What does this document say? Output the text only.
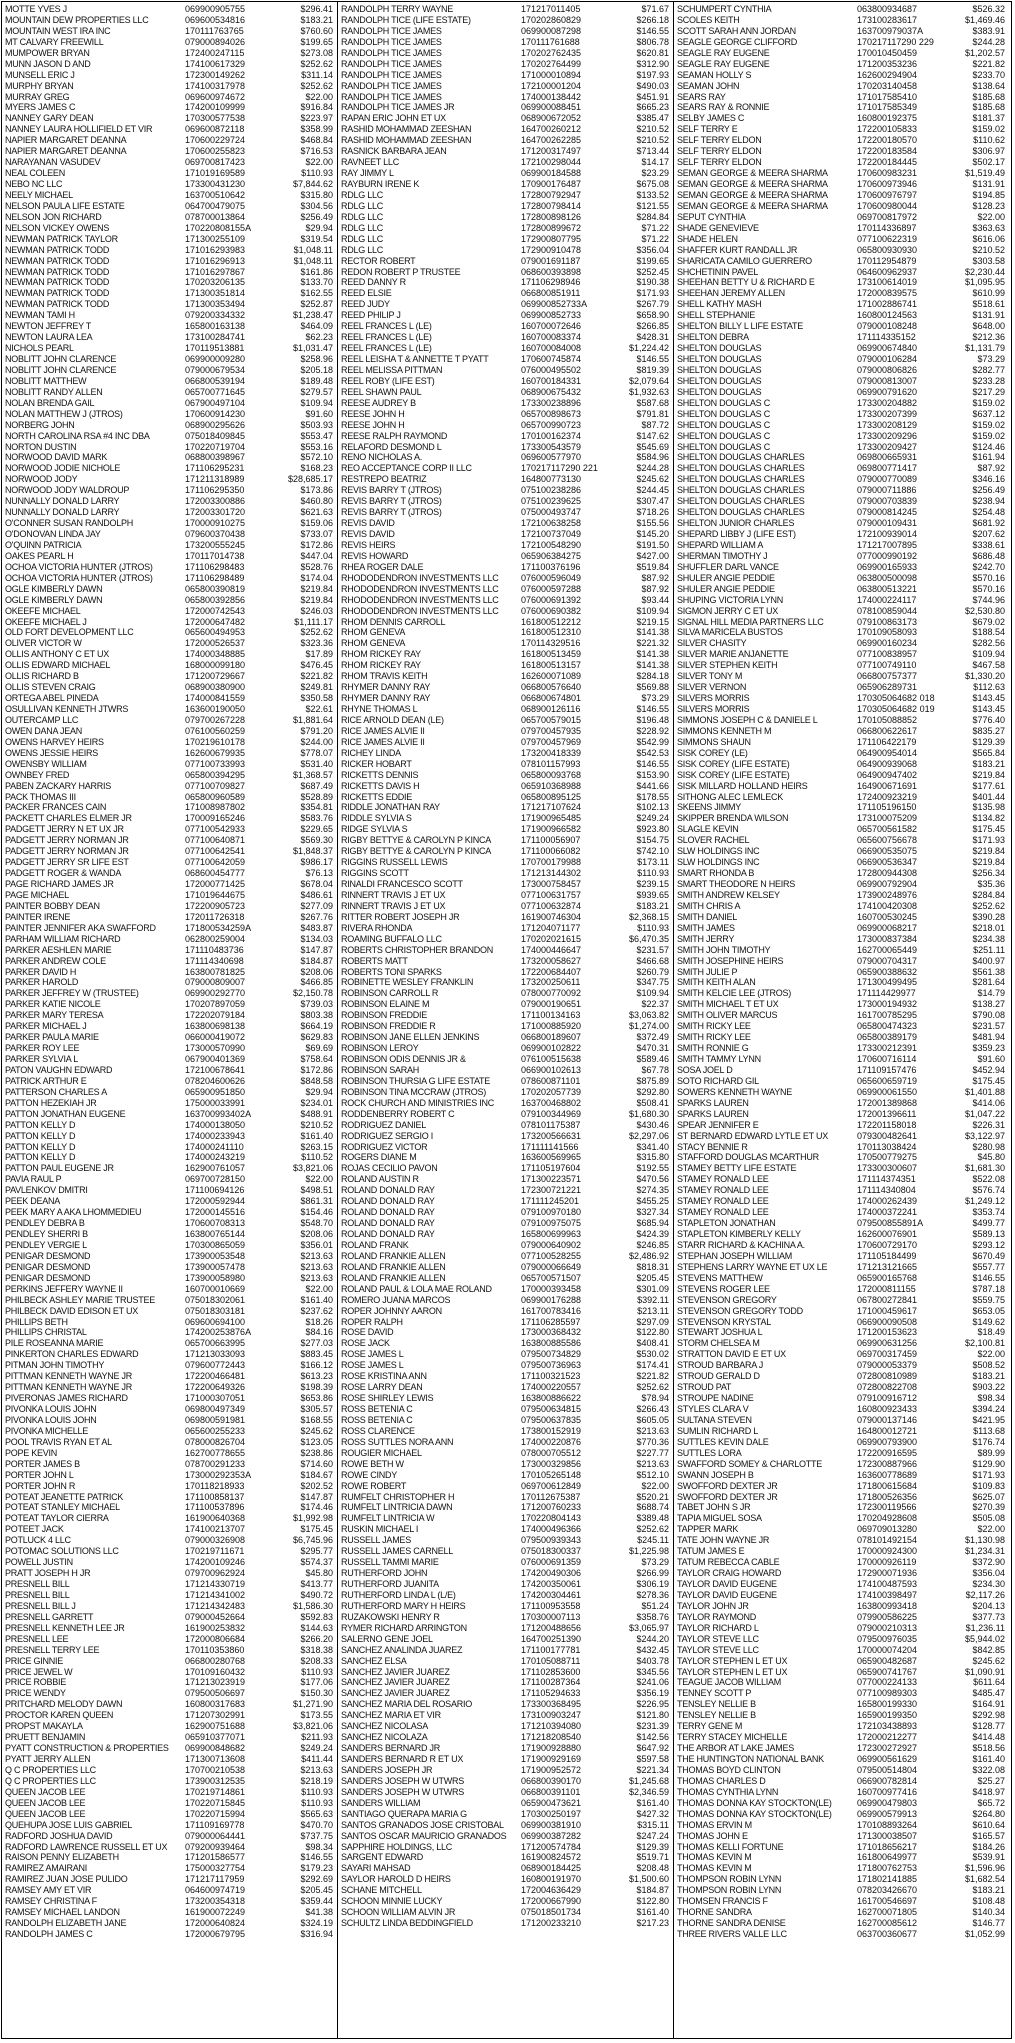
MOTTE YVES J	069900905755	$296.41
MOUNTAIN DEW PROPERTIES LLC	069600534816	$183.21
MOUNTAIN WEST IRA INC	170111763765	$760.60
MT CALVARY FREEWILL	079000894026	$199.65
MUMPOWER BRYAN	172400247115	$273.08
MUNN JASON D AND	174100617329	$252.62
MUNSELL ERIC J	172300149262	$311.14
MURPHY BRYAN	174100317978	$252.62
MURRAY GREG	069600974672	$22.00
MYERS JAMES C	174200109999	$916.84
NANNEY GARY DEAN	170300577538	$223.97
NANNEY LAURA HOLLIFIELD ET VIR	069600872118	$358.99
NAPIER MARGARET DEANNA	170600229724	$468.84
NAPIER MARGARET DEANNA	170600255823	$716.53
NARAYANAN VASUDEV	069700817423	$22.00
NEAL COLEEN	171019169589	$110.93
NEBO NC LLC	173300431230	$7,844.62
NEELY MICHAEL	163700510642	$315.80
NELSON PAULA LIFE ESTATE	064700479075	$304.56
NELSON JON RICHARD	078700013864	$256.49
NELSON VICKEY OWENS	170220808155A	$29.94
NEWMAN PATRICK TAYLOR	171300255109	$319.54
NEWMAN PATRICK TODD	171016293983	$1,048.11
NEWMAN PATRICK TODD	171016296913	$1,048.11
NEWMAN PATRICK TODD	171016297867	$161.86
NEWMAN PATRICK TODD	170203206135	$133.70
NEWMAN PATRICK TODD	171300351814	$162.55
NEWMAN PATRICK TODD	171300353494	$252.87
NEWMAN TAMI H	079200334332	$1,238.47
NEWTON JEFFREY T	165800163138	$464.09
NEWTON LAURA LEA	173100284741	$62.23
NICHOLS PEARL	170119513881	$1,031.47
NOBLITT JOHN CLARENCE	069900009280	$258.96
NOBLITT JOHN CLARENCE	079000679534	$205.18
NOBLITT MATTHEW	066800539194	$189.48
NOBLITT RANDY ALLEN	065700771645	$279.57
NOLAN BRENDA GAIL	067900497104	$109.94
NOLAN MATTHEW J (JTROS)	170600914230	$91.60
NORBERG JOHN	068900295626	$503.93
NORTH CAROLINA RSA #4 INC DBA	075018409845	$553.47
NORTON DUSTIN	170220719704	$553.16
NORWOOD DAVID MARK	068800398967	$572.10
NORWOOD JODIE NICHOLE	171106295231	$168.23
NORWOOD JODY	171211318989	$28,685.17
NORWOOD JODY WALDROUP	171106295350	$173.86
NUNNALLY DONALD LARRY	172003300886	$460.80
NUNNALLY DONALD LARRY	172003301720	$621.63
O'CONNER SUSAN RANDOLPH	170000910275	$159.06
O'DONOVAN LINDA JAY	079600370438	$733.07
O'QUINN PATRICIA	173200555245	$172.86
OAKES PEARL H	170117014738	$447.04
OCHOA VICTORIA HUNTER (JTROS)	171106298483	$528.76
OCHOA VICTORIA HUNTER (JTROS)	171106298489	$174.04
OGLE KIMBERLY DAWN	065800390819	$219.84
OGLE KIMBERLY DAWN	065800392856	$219.84
OKEEFE MICHAEL	172000742543	$246.03
OKEEFE MICHAEL J	172000647482	$1,111.17
OLD FORT DEVELOPMENT LLC	065600494953	$252.62
OLIVER VICTOR W	172000526537	$323.36
OLLIS ANTHONY C ET UX	174000348885	$17.89
OLLIS EDWARD MICHAEL	168000099180	$476.45
OLLIS RICHARD B	171200729667	$221.82
OLLIS STEVEN CRAIG	068900380900	$249.81
ORTEGA ABEL PINEDA	174000841559	$350.58
OSULLIVAN KENNETH JTWRS	163600190050	$22.61
OUTERCAMP LLC	079700267228	$1,881.64
OWEN DANA JEAN	076100560259	$791.20
OWENS HARVEY HEIRS	170219610178	$244.00
OWENS JESSIE HEIRS	162600679935	$778.07
OWENSBY WILLIAM	077100733993	$531.40
OWNBEY FRED	065800394295	$1,368.57
PABEN ZACKARY HARRIS	077100709827	$687.49
PACK THOMAS III	065800960589	$528.89
PACKER FRANCES CAIN	171008987802	$354.81
PACKETT CHARLES ELMER JR	170009165246	$583.76
PADGETT JERRY N ET UX JR	077100542933	$229.65
PADGETT JERRY NORMAN JR	077100640871	$569.30
PADGETT JERRY NORMAN JR	077100642541	$1,848.37
PADGETT JERRY SR LIFE EST	077100642059	$986.17
PADGETT ROGER & WANDA	068600454777	$76.13
PAGE RICHARD JAMES JR	172000771425	$678.04
PAGE MICHAEL	171019644675	$486.61
PAINTER BOBBY DEAN	172200905723	$277.09
PAINTER IRENE	172011726318	$267.76
PAINTER JENNIFER AKA SWAFFORD	171800534259A	$483.87
PARHAM WILLIAM RICHARD	062800259004	$134.03
PARKER AESHLEN MARIE	171110483736	$147.87
PARKER ANDREW COLE	171114340698	$184.87
PARKER DAVID H	163800781825	$208.06
PARKER HAROLD	079000809007	$466.85
PARKER JEFFREY W (TRUSTEE)	069900292770	$2,150.78
PARKER KATIE NICOLE	170207897059	$739.03
PARKER MARY TERESA	172202079184	$803.38
PARKER MICHAEL J	163800698138	$664.19
PARKER PAULA MARIE	066000419072	$629.83
PARKER ROY LEE	173000570990	$69.69
PARKER SYLVIA L	067900401369	$758.64
PATON VAUGHN EDWARD	172100678641	$172.86
PATRICK ARTHUR E	078204600626	$848.58
PATTERSON CHARLES A	065900951850	$29.94
PATTON HEZEKIAH JR	175000033991	$234.01
PATTON JONATHAN EUGENE	163700993402A	$488.91
PATTON KELLY D	174000138050	$210.52
PATTON KELLY D	174000233943	$161.40
PATTON KELLY D	174000241110	$263.15
PATTON KELLY D	174000243219	$110.52
PATTON PAUL EUGENE JR	162900761057	$3,821.06
PAVIA RAUL P	069700728150	$22.00
PAVLENKOV DMITRI	171100694126	$498.51
PEEK DEANA	172000592944	$861.31
PEEK MARY A AKA LHOMMEDIEU	172000145516	$154.46
PENDLEY DEBRA B	170600708313	$548.70
PENDLEY SHERRI B	163800765144	$208.06
PENDLEY VERGIE L	170300865059	$356.01
PENIGAR DESMOND	173900053548	$213.63
PENIGAR DESMOND	173900057478	$213.63
PENIGAR DESMOND	173900058980	$213.63
PERKINS JEFFERY WAYNE II	160700010669	$22.00
PHILBECK ASHLEY MARIE TRUSTEE	075018302061	$161.40
PHILBECK DAVID EDISON ET UX	075018303181	$237.62
PHILLIPS BETH	069600694100	$18.26
PHILLIPS CHRISTAL	174200253876A	$84.16
PILE ROSEANNA MARIE	065700663995	$277.03
PINKERTON CHARLES EDWARD	171213033093	$883.45
PITMAN JOHN TIMOTHY	079600772443	$166.12
PITTMAN KENNETH WAYNE JR	172200466481	$613.23
PITTMAN KENNETH WAYNE JR	172200649326	$198.39
PIVERONAS JAMES RICHARD	171000307051	$653.86
PIVONKA LOUIS JOHN	069800497349	$305.57
PIVONKA LOUIS JOHN	069800591981	$168.55
PIVONKA MICHELLE	065600255233	$245.62
POOL TRAVIS RYAN ET AL	078000826704	$123.05
POPE KEVIN	162700778655	$238.86
PORTER JAMES B	078700291233	$714.60
PORTER JOHN L	173000292353A	$184.67
PORTER JOHN R	170118218933	$202.52
POTEAT JEANETTE PATRICK	171100858137	$147.87
POTEAT STANLEY MICHAEL	171100537896	$174.46
POTEAT TAYLOR CIERRA	161900640368	$1,992.98
POTEET JACK	174100213707	$175.45
POTLUCK 4 LLC	079000326908	$6,745.96
POTOMAC SOLUTIONS LLC	170219711671	$295.77
POWELL JUSTIN	174200109246	$574.37
PRATT JOSEPH H JR	079700962924	$45.80
PRESNELL BILL	171214330719	$413.77
PRESNELL BILL	171214341002	$490.72
PRESNELL BILL J	171214342483	$1,586.30
PRESNELL GARRETT	079000452664	$592.83
PRESNELL KENNETH LEE JR	161900253832	$144.63
PRESNELL LEE	172000806684	$266.20
PRESNELL TERRY LEE	170110353860	$318.38
PRICE GINNIE	066800280768	$208.33
PRICE JEWEL W	170109160432	$110.93
PRICE ROBBIE	171213023919	$177.06
PRICE WENDY	079500506697	$150.30
PRITCHARD MELODY DAWN	160800317683	$1,271.90
PROCTOR KAREN QUEEN	171207302991	$173.55
PROPST MAKAYLA	162900751688	$3,821.06
PRUETT BENJAMIN	065910377071	$211.93
PYATT CONSTRUCTION & PROPERTIES	069900848682	$249.24
PYATT JERRY ALLEN	171300713608	$411.44
Q C PROPERTIES LLC	170700210538	$213.63
Q C PROPERTIES LLC	173900312535	$218.19
QUEEN JACOB LEE	170219714861	$110.93
QUEEN JACOB LEE	170220715845	$110.93
QUEEN JACOB LEE	170220715994	$565.63
QUEHUPA JOSE LUIS GABRIEL	171109169778	$470.70
RADFORD JOSHUA DAVID	079000064441	$737.75
RADFORD LAWRENCE RUSSELL ET UX	079200939464	$98.34
RAISON PENNY ELIZABETH	171201586577	$146.55
RAMIREZ AMAIRANI	175000327754	$179.23
RAMIREZ JUAN JOSE PULIDO	171217117959	$292.69
RAMSEY AMY ET VIR	064600974719	$205.45
RAMSEY CHRISTINA F	173200354318	$359.44
RAMSEY MICHAEL LANDON	161900072249	$41.38
RANDOLPH ELIZABETH JANE	172000640824	$324.19
RANDOLPH JAMES C	172000679795	$316.94
RANDOLPH TERRY WAYNE	171217011405	$71.67
RANDOLPH TICE (LIFE ESTATE)	170202860829	$266.18
RANDOLPH TICE JAMES	069900087298	$146.55
RANDOLPH TICE JAMES	170111761688	$806.78
RANDOLPH TICE JAMES	170202762435	$620.81
RANDOLPH TICE JAMES	170202764499	$312.90
RANDOLPH TICE JAMES	171000010894	$197.93
RANDOLPH TICE JAMES	172100001204	$490.03
RANDOLPH TICE JAMES	174000138442	$451.91
RANDOLPH TICE JAMES JR	069900088451	$665.23
RAPAN ERIC JOHN ET UX	068900672052	$385.47
RASHID MOHAMMAD ZEESHAN	164700260212	$210.52
RASHID MOHAMMAD ZEESHAN	164700262285	$210.52
RASNICK BARBARA JEAN	171200317497	$713.44
RAVNEET LLC	172100298044	$14.17
RAY JIMMY L	069900184588	$23.29
RAYBURN IRENE K	170900176487	$675.08
RDLG LLC	172800792947	$133.52
RDLG LLC	172800798414	$121.55
RDLG LLC	172800898126	$284.84
RDLG LLC	172800899672	$71.22
RDLG LLC	172900807795	$71.22
RDLG LLC	172900910478	$356.04
RECTOR ROBERT	079001691187	$199.65
REDON ROBERT P TRUSTEE	068600393898	$252.45
REED DANNY R	171106298946	$190.38
REED ELSIE	066800851911	$171.93
REED JUDY	069900852733A	$267.79
REED PHILIP J	069900852733	$658.90
REEL FRANCES L (LE)	160700072646	$266.85
REEL FRANCES L (LE)	160700083374	$428.31
REEL FRANCES L (LE)	160700084008	$1,224.42
REEL LEISHA T & ANNETTE T PYATT	170600745874	$146.55
REEL MELISSA PITTMAN	076000495502	$819.39
REEL ROBY (LIFE EST)	160700184331	$2,079.64
REEL SHAWN PAUL	068900675432	$1,932.63
REESE AUDREY B	173300238896	$587.68
REESE JOHN H	065700898673	$791.81
REESE JOHN H	065700990723	$87.72
REESE RALPH RAYMOND	170100162374	$147.62
RELAFORD DESMOND L	173300543579	$545.69
RENO NICHOLAS A.	069600577970	$584.96
REO ACCEPTANCE CORP II LLC	170217117290 221	$244.28
RESTREPO BEATRIZ	164800773130	$245.62
REVIS BARRY T (JTROS)	075100238286	$244.45
REVIS BARRY T (JTROS)	075100239625	$307.47
REVIS BARRY T (JTROS)	075000493747	$718.26
REVIS DAVID	172100638258	$155.56
REVIS DAVID	172100737049	$145.20
REVIS HEIRS	172100548290	$191.50
REVIS HOWARD	065906384275	$427.00
RHEA ROGER DALE	171100376196	$519.84
RHODODENDRON INVESTMENTS LLC	076000596049	$87.92
RHODODENDRON INVESTMENTS LLC	076000597288	$87.92
RHODODENDRON INVESTMENTS LLC	076000691392	$93.44
RHODODENDRON INVESTMENTS LLC	076000690382	$109.94
RHOM DENNIS CARROLL	161800512212	$219.15
RHOM GENEVA	161800512310	$141.38
RHOM GENEVA	170114329516	$221.32
RHOM RICKEY RAY	161800513459	$141.38
RHOM RICKEY RAY	161800513157	$141.38
RHOM TRAVIS KEITH	162600071089	$284.18
RHYMER DANNY RAY	066800576640	$569.88
RHYMER DANNY RAY	066800674801	$73.29
RHYNE THOMAS L	068900126116	$146.55
RICE ARNOLD DEAN (LE)	065700579015	$196.48
RICE JAMES ALVIE II	079700457935	$228.92
RICE JAMES ALVIE II	079700457969	$542.99
RICHEY LINDA	173200418339	$542.53
RICKER HOBART	078101157993	$146.55
RICKETTS DENNIS	065800093768	$153.90
RICKETTS DAVIS H	065910368988	$441.66
RICKETTS EDDIE	065800895125	$178.55
RIDDLE JONATHAN RAY	171217107624	$102.13
RIDDLE SYLVIA S	171900965485	$249.24
RIDGE SYLVIA S	171900966582	$923.80
RIGBY BETTYE & CAROLYN P KINCA	171100056907	$154.75
RIGBY BETTYE & CAROLYN P KINCA	171100066082	$742.10
RIGGINS RUSSELL LEWIS	170700179988	$173.11
RIGGINS SCOTT	171213144302	$110.93
RINALDI FRANCESCO SCOTT	173000758457	$239.15
RINNERT TRAVIS J ET UX	077100631757	$939.65
RINNERT TRAVIS J ET UX	077100632874	$183.21
RITTER ROBERT JOSEPH JR	161900746304	$2,368.15
RIVERA RHONDA	171204071177	$110.93
ROAMING BUFFALO LLC	170202021615	$6,470.35
ROBERTS CHRISTOPHER BRANDON	174000446647	$231.57
ROBERTS MATT	173200058627	$466.68
ROBERTS TONI SPARKS	172200684407	$260.79
ROBINETTE WESLEY FRANKLIN	173200250611	$347.75
ROBINSON CARROLL R	078000770092	$109.94
ROBINSON ELAINE M	079000190651	$22.37
ROBINSON FREDDIE	171100134163	$3,063.82
ROBINSON FREDDIE R	171000885920	$1,274.00
ROBINSON JANE ELLEN JENKINS	066800189607	$372.49
ROBINSON LEROY	069900102822	$470.31
ROBINSON ODIS DENNIS JR &	076100515638	$589.46
ROBINSON SARAH	066900102613	$67.78
ROBINSON THURSIA G LIFE ESTATE	078600871101	$875.89
ROBINSON TINA MCCRAW (JTROS)	170202057739	$292.80
ROCK CHURCH AND MINISTRIES INC	163700468802	$508.41
RODDENBERRY ROBERT C	079100344969	$1,680.30
RODRIGUEZ DANIEL	078101175387	$430.46
RODRIGUEZ SERGIO I	173200566631	$2,297.06
RODRIGUEZ VICTOR	171111141566	$341.40
ROGERS DIANE M	163600569965	$315.80
ROJAS CECILIO PAVON	171105197604	$192.55
ROLAND AUSTIN R	171300223571	$470.56
ROLAND DONALD RAY	172300721221	$274.35
ROLAND DONALD RAY	171111245201	$455.25
ROLAND DONALD RAY	079100970180	$327.34
ROLAND DONALD RAY	079100975075	$685.94
ROLAND DONALD RAY	165800699963	$424.39
ROLAND FRANK	079000640902	$246.85
ROLAND FRANKIE ALLEN	077100528255	$2,486.92
ROLAND FRANKIE ALLEN	079000066649	$818.31
ROLAND FRANKIE ALLEN	065700571507	$205.45
ROLAND PAUL & LOLA MAE ROLAND	170000393458	$301.09
ROMERO JUANA MARCOS	069900176288	$392.11
ROPER JOHNNY AARON	161700783416	$213.11
ROPER RALPH	171106285597	$297.09
ROSE DAVID	173000368432	$122.80
ROSE JACK	163800885586	$408.41
ROSE JAMES L	079500734829	$530.02
ROSE JAMES L	079500736963	$174.41
ROSE KRISTINA ANN	171100321523	$221.82
ROSE LARRY DEAN	174000220557	$252.62
ROSE SHIRLEY LEWIS	163800886622	$78.94
ROSS BETENIA C	079500634815	$266.43
ROSS BETENIA C	079500637835	$605.05
ROSS CLARENCE	173800152919	$213.63
ROSS SUTTLES NORA ANN	174000220876	$770.36
ROUGIER MICHAEL	078000705512	$227.77
ROWE BETH W	173000329856	$213.63
ROWE CINDY	170105265148	$512.10
ROWE ROBERT	069700612849	$22.00
RUMFELT CHRISTOPHER H	170112675387	$520.21
RUMFELT LINTRICIA DAWN	171200760233	$688.74
RUMFELT LINTRICIA W	170220804143	$389.48
RUSKIN MICHAEL I	174000496366	$252.62
RUSSELL JAMES	079500939343	$245.11
RUSSELL JAMES CARNELL	075018300337	$1,225.98
RUSSELL TAMMI MARIE	076000691359	$73.29
RUTHERFORD JOHN	174200490306	$266.99
RUTHERFORD JUANITA	174200350061	$306.19
RUTHERFORD LINDA L (L/E)	174200304461	$278.36
RUTHERFORD MARY H HEIRS	171100953558	$51.24
RUZAKOWSKI HENRY R	170300007113	$358.76
RYMER RICHARD ARRINGTON	171200488656	$3,065.97
SALERNO GENE JOEL	164700251390	$244.20
SANCHEZ ANALINDA JUAREZ	171100177781	$432.45
SANCHEZ ELSA	170105088711	$403.78
SANCHEZ JAVIER JUAREZ	171102853600	$345.56
SANCHEZ JAVIER JUAREZ	171100287364	$241.06
SANCHEZ JAVIER JUAREZ	171105294633	$356.19
SANCHEZ MARIA DEL ROSARIO	173300368495	$226.95
SANCHEZ MARIA ET VIR	173100903247	$121.80
SANCHEZ NICOLASA	171210394080	$231.39
SANCHEZ NICOLAZA	171218208540	$142.56
SANDERS BERNARD JR	171900928880	$647.92
SANDERS BERNARD R ET UX	171900929169	$597.58
SANDERS JOSEPH JR	171900952572	$221.34
SANDERS JOSEPH W UTWRS	066800390170	$1,245.68
SANDERS JOSEPH W UTWRS	066800391101	$2,346.59
SANDERS WILLIAM	065900473621	$161.40
SANTIAGO QUERAPA MARIA G	170300250197	$427.32
SANTOS GRANADOS JOSE CRISTOBAL	069900381910	$315.11
SANTOS OSCAR MAURICIO GRANADOS	069900387282	$247.24
SAPPHIRE HOLDINGS, LLC	171200574784	$129.39
SARGENT EDWARD	161900824572	$519.71
SAYARI MAHSAD	068900184425	$208.48
SAYLOR HAROLD D HEIRS	160800191970	$1,500.60
SCHANE MITCHELL	172004636429	$184.87
SCHOON MINNIE LUCKY	172000667990	$122.80
SCHOON WILLIAM ALVIN JR	075018501734	$161.40
SCHULTZ LINDA BEDDINGFIELD	171200233210	$217.23
SCHUMPERT CYNTHIA	063800934687	$526.32
SCOLES KEITH	173100283617	$1,469.46
SCOTT SARAH ANN JORDAN	163700979037A	$383.91
SEAGLE GEORGE CLIFFORD	170217117290 229	$244.28
SEAGLE RAY EUGENE	170010450459	$1,202.57
SEAGLE RAY EUGENE	171200353236	$221.82
SEAMAN HOLLY S	162600294904	$233.70
SEAMAN JOHN	170203140458	$138.64
SEARS RAY	171017585410	$185.68
SEARS RAY & RONNIE	171017585349	$185.68
SELBY JAMES C	160800192375	$181.37
SELF TERRY E	172200105833	$159.02
SELF TERRY ELDON	172200180570	$110.62
SELF TERRY ELDON	172200183584	$306.97
SELF TERRY ELDON	172200184445	$502.17
SEMAN GEORGE & MEERA SHARMA	170600983231	$1,519.49
SEMAN GEORGE & MEERA SHARMA	170600973946	$131.91
SEMAN GEORGE & MEERA SHARMA	170600976797	$194.85
SEMAN GEORGE & MEERA SHARMA	170600980044	$128.23
SEPUT CYNTHIA	069700817972	$22.00
SHADE GENEVIEVE	170114336897	$363.63
SHADE HELEN	077100622319	$616.06
SHAFFER KURT RANDALL JR	065800930930	$210.52
SHARICATA CAMILO GUERRERO	170112954879	$303.58
SHCHETININ PAVEL	064600962937	$2,230.44
SHEEHAN BETTY U & RICHARD E	173100614019	$1,095.95
SHEEHAN JEREMY ALLEN	172000839575	$610.99
SHELL KATHY MASH	171002886741	$518.61
SHELL STEPHANIE	160800124563	$131.91
SHELTON BILLY L LIFE ESTATE	079000108248	$648.00
SHELTON DEBRA	171114335152	$212.36
SHELTON DOUGLAS	069900674840	$1,131.79
SHELTON DOUGLAS	079000106284	$73.29
SHELTON DOUGLAS	079000806826	$282.77
SHELTON DOUGLAS	079000813007	$233.28
SHELTON DOUGLAS	069900791620	$217.29
SHELTON DOUGLAS C	173300204882	$159.02
SHELTON DOUGLAS C	173300207399	$637.12
SHELTON DOUGLAS C	173300208129	$159.02
SHELTON DOUGLAS C	173300209296	$159.02
SHELTON DOUGLAS C	173300209427	$124.46
SHELTON DOUGLAS CHARLES	069800665931	$161.94
SHELTON DOUGLAS CHARLES	069800771417	$87.92
SHELTON DOUGLAS CHARLES	079000770089	$346.16
SHELTON DOUGLAS CHARLES	079000711886	$256.49
SHELTON DOUGLAS CHARLES	079000703839	$238.94
SHELTON DOUGLAS CHARLES	079000814245	$254.48
SHELTON JUNIOR CHARLES	079000109431	$681.92
SHEPARD LIBBY J (LIFE EST)	172100939014	$207.62
SHEPARD WILLIAM A	171217007895	$338.61
SHERMAN TIMOTHY J	077000990192	$686.48
SHUFFLER DARL VANCE	069900165933	$242.70
SHULER ANGIE PEDDIE	063800500098	$570.16
SHULER ANGIE PEDDIE	063800513221	$570.16
SHUPING VICTORIA LYNN	174000224117	$744.96
SIGMON JERRY C ET UX	078100859044	$2,530.80
SIGNAL HILL MEDIA PARTNERS LLC	079100863173	$679.02
SILVA MARICELA BUSTOS	170109058093	$188.54
SILVER CHASITY	069900160234	$282.56
SILVER MARIE ANJANETTE	077100838957	$109.94
SILVER STEPHEN KEITH	077100749110	$467.58
SILVER TONY M	066800757377	$1,330.20
SILVER VERNON	065906289731	$112.63
SILVERS MORRIS	170305064682 018	$143.45
SILVERS MORRIS	170305064682 019	$143.45
SIMMONS JOSEPH C & DANIELE L	170105088852	$776.40
SIMMONS KENNETH M	066800622617	$835.27
SIMMONS SHAUN	171106422179	$129.39
SISK COREY (LE)	064900954014	$565.84
SISK COREY (LIFE ESTATE)	064900939068	$183.21
SISK COREY (LIFE ESTATE)	064900947402	$219.84
SISK MILLARD HOLLAND HEIRS	164900671691	$177.61
SITHONG ALEC LEMLECK	172400923219	$401.44
SKEENS JIMMY	171105196150	$135.98
SKIPPER BRENDA WILSON	173100075209	$134.82
SLAGLE KEVIN	065700561582	$175.45
SLOVER RACHEL	065600756678	$171.93
SLW HOLDINGS INC	066900535075	$219.84
SLW HOLDINGS INC	066900536347	$219.84
SMART RHONDA B	172800944308	$256.34
SMART THEODORE N HEIRS	069900792904	$35.36
SMITH ANDREW KELSEY	173900248976	$284.84
SMITH CHRIS A	174100420308	$252.62
SMITH DANIEL	160700530245	$390.28
SMITH JAMES	069900068217	$218.01
SMITH JERRY	173000837384	$234.38
SMITH JOHN TIMOTHY	162700065449	$251.11
SMITH JOSEPHINE HEIRS	079000704317	$400.97
SMITH JULIE P	065900388632	$561.38
SMITH KEITH ALAN	171300499495	$281.64
SMITH KELCIE LEE (JTROS)	171114429977	$14.79
SMITH MICHAEL T ET UX	173000194932	$138.27
SMITH OLIVER MARCUS	161700785295	$790.08
SMITH RICKY LEE	065800474323	$231.57
SMITH RICKY LEE	065800389179	$481.94
SMITH RONNIE G	173300212391	$359.23
SMITH TAMMY LYNN	170600716114	$91.60
SOSA JOEL D	171109157476	$452.94
SOTO RICHARD GIL	065600659719	$175.45
SOWERS KENNETH WAYNE	069900061550	$1,401.88
SPARKS LAUREN	172001389868	$414.06
SPARKS LAUREN	172001396611	$1,047.22
SPEAR JENNIFER E	172201158018	$226.31
ST BERNARD EDWARD LYTLE ET UX	079300482641	$3,122.97
STACY BENNIE R	170113038424	$280.98
STAFFORD DOUGLAS MCARTHUR	170500779275	$45.80
STAMEY BETTY LIFE ESTATE	173300300607	$1,681.30
STAMEY RONALD LEE	171114374351	$522.08
STAMEY RONALD LEE	171114340804	$576.74
STAMEY RONALD LEE	174000262439	$1,249.12
STAMEY RONALD LEE	174000372241	$353.74
STAPLETON JONATHAN	079500855891A	$499.77
STAPLETON KIMBERLY KELLY	162600076901	$589.13
STARR RICHARD & KACHINA A.	170600729170	$293.12
STEPHAN JOSEPH WILLIAM	171105184499	$670.49
STEPHENS LARRY WAYNE ET UX LE	171213121665	$557.77
STEVENS MATTHEW	065900165768	$146.55
STEVENS ROGER LEE	172000811155	$787.18
STEVENSON GREGORY	067800272841	$559.75
STEVENSON GREGORY TODD	171000459617	$653.05
STEVENSON KRYSTAL	066900090508	$149.62
STEWART JOSHUA L	171200153623	$18.49
STORM CHELSEA M	069900631256	$2,100.81
STRATTON DAVID E ET UX	069700317459	$22.00
STROUD BARBARA J	079000053379	$508.52
STROUD GERALD D	072800810989	$183.21
STROUD PAT	072800822708	$903.22
STROUPE NADINE	079100916712	$98.34
STYLES CLARA V	160800923433	$394.24
SULTANA STEVEN	079000137146	$421.95
SUMLIN RICHARD L	164800012721	$113.68
SUTTLES KEVIN DALE	069900793900	$176.74
SUTTLES LORA	172200916595	$89.99
SWAFFORD SOMEY & CHARLOTTE	172300887966	$129.90
SWANN JOSEPH B	163600778689	$171.93
SWOFFORD DEXTER JR	171800615684	$109.83
SWOFFORD DEXTER JR	171800526356	$625.07
TABET JOHN S JR	172300119566	$270.39
TAPIA MIGUEL SOSA	170204928608	$505.08
TAPPER MARK	069709013280	$22.00
TATE JOHN WAYNE JR	078101492154	$1,130.98
TATUM JAMES E	170000924300	$1,234.31
TATUM REBECCA CABLE	170000926119	$372.90
TAYLOR CRAIG HOWARD	172900071936	$356.04
TAYLOR DAVID EUGENE	174100487593	$234.30
TAYLOR DAVID EUGENE	174100398497	$2,117.26
TAYLOR JOHN JR	163800993418	$204.13
TAYLOR RAYMOND	079900586225	$377.73
TAYLOR RICHARD L	079000210313	$1,236.11
TAYLOR STEVE LLC	079500976035	$5,944.02
TAYLOR STEVE LLC	170000074204	$842.85
TAYLOR STEPHEN L ET UX	065900482687	$245.62
TAYLOR STEPHEN L ET UX	065900741767	$1,090.91
TEAGUE JACOB WILLIAM	077000224133	$611.64
TENNEY SCOTT P	077100989303	$485.47
TENSLEY NELLIE B	165800199330	$164.91
TENSLEY NELLIE B	165900199350	$292.98
TERRY GENE M	172103438893	$128.77
TERRY STACEY MICHELLE	172000212277	$414.48
THE ARBOR AT LAKE JAMES	172300272927	$518.56
THE HUNTINGTON NATIONAL BANK	069900561629	$161.40
THOMAS BOYD CLINTON	079500514804	$322.08
THOMAS CHARLES D	066900782814	$25.27
THOMAS CYNTHIA LYNN	160700977416	$418.97
THOMAS DONNA KAY STOCKTON(LE)	069900479803	$65.72
THOMAS DONNA KAY STOCKTON(LE)	069900579913	$264.80
THOMAS ERVIN M	170108893264	$610.64
THOMAS JOHN E	171300038507	$165.57
THOMAS KELLI FORTUNE	171018656217	$184.26
THOMAS KEVIN M	161800649977	$539.91
THOMAS KEVIN M	171800762753	$1,596.96
THOMPSON ROBIN LYNN	171802141885	$1,682.54
THOMPSON ROBIN LYNN	078203426670	$183.21
THOMSEN FRANCIS F	161700546697	$108.48
THORNE SANDRA	162700071805	$140.34
THORNE SANDRA DENISE	162700085612	$146.77
THREE RIVERS VALLE LLC	063700360677	$1,052.99
